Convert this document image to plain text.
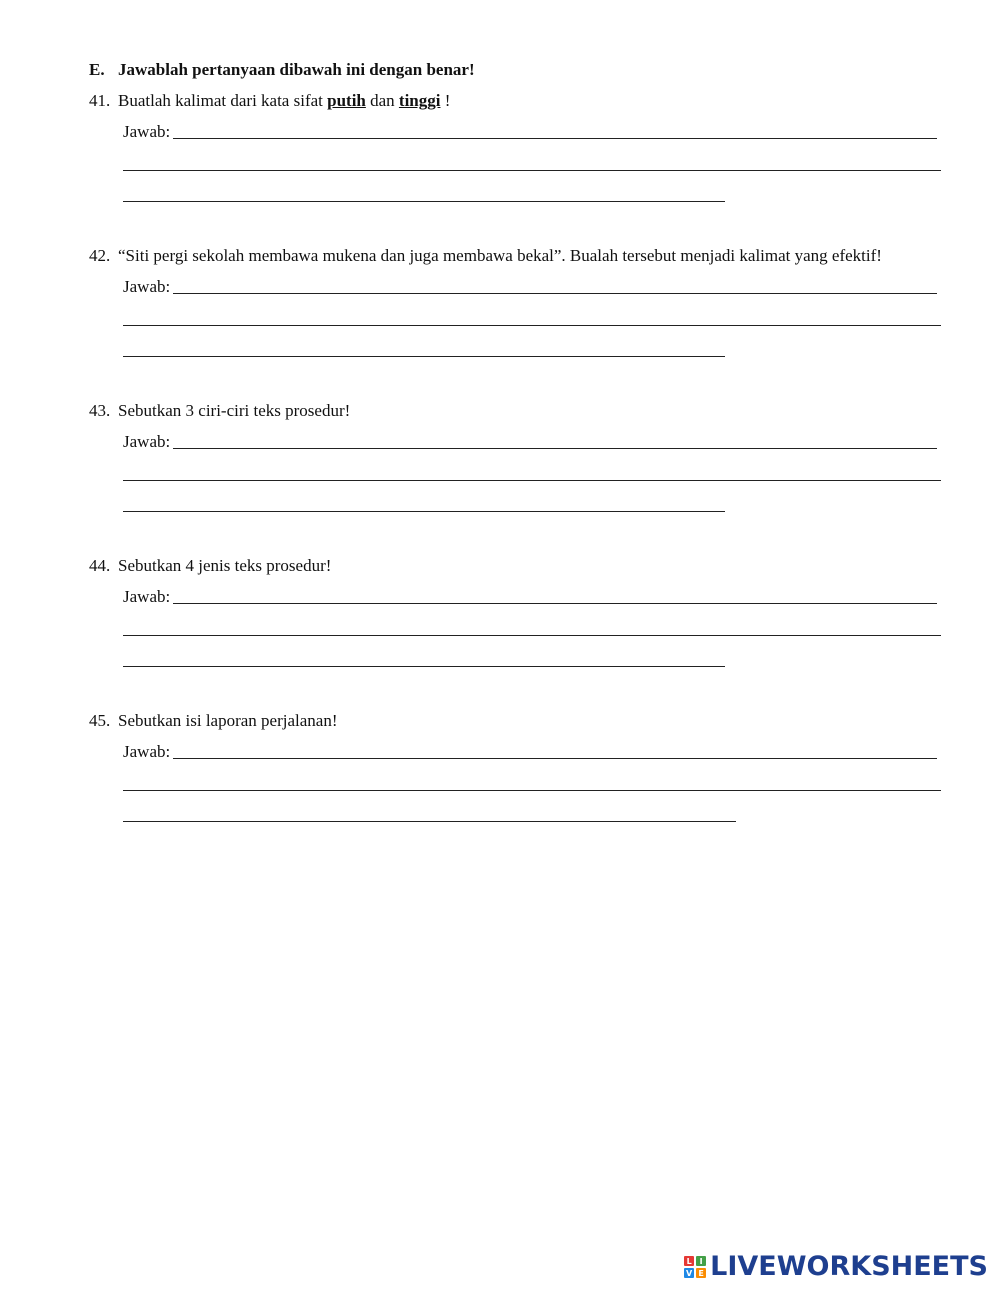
E. Jawablah pertanyaan dibawah ini dengan benar!
41. Buatlah kalimat dari kata sifat putih dan tinggi !
Jawab:
42. “Siti pergi sekolah membawa mukena dan juga membawa bekal”. Bualah tersebut menjadi kalimat yang efektif!
Jawab:
43. Sebutkan 3 ciri-ciri teks prosedur!
Jawab:
44. Sebutkan 4 jenis teks prosedur!
Jawab:
45. Sebutkan isi laporan perjalanan!
Jawab:
L I
V E LIVEWORKSHEETS
